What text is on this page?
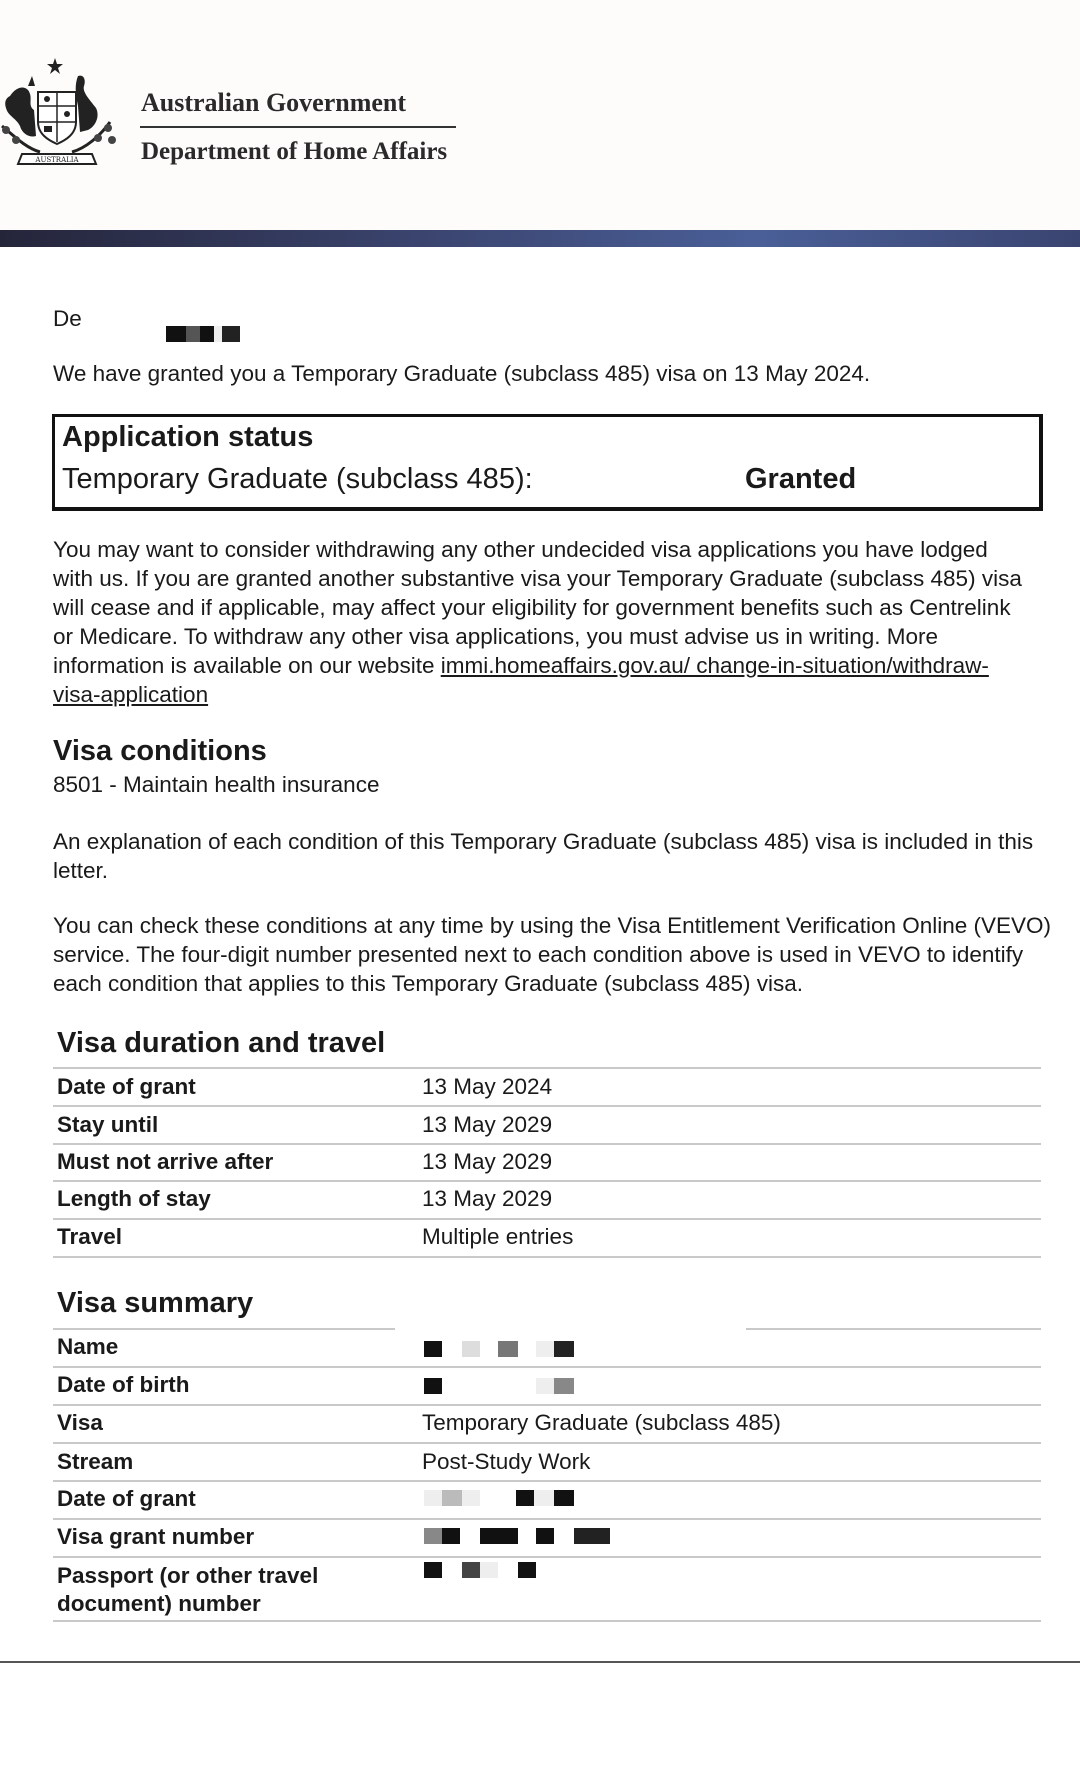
AUSTRALIA
Australian Government
Department of Home Affairs
De
We have granted you a Temporary Graduate (subclass 485) visa on 13 May 2024.
Application status
Temporary Graduate (subclass 485):	Granted
You may want to consider withdrawing any other undecided visa applications you have lodged with us. If you are granted another substantive visa your Temporary Graduate (subclass 485) visa will cease and if applicable, may affect your eligibility for government benefits such as Centrelink or Medicare. To withdraw any other visa applications, you must advise us in writing. More information is available on our website immi.homeaffairs.gov.au/ change-in-situation/withdraw-visa-application
Visa conditions
8501 - Maintain health insurance
An explanation of each condition of this Temporary Graduate (subclass 485) visa is included in this letter.
You can check these conditions at any time by using the Visa Entitlement Verification Online (VEVO) service. The four-digit number presented next to each condition above is used in VEVO to identify each condition that applies to this Temporary Graduate (subclass 485) visa.
Visa duration and travel
Date of grant	13 May 2024
Stay until	13 May 2029
Must not arrive after	13 May 2029
Length of stay	13 May 2029
Travel	Multiple entries
Visa summary
Name
Date of birth
Visa	Temporary Graduate (subclass 485)
Stream	Post-Study Work
Date of grant
Visa grant number
Passport (or other travel document) number
